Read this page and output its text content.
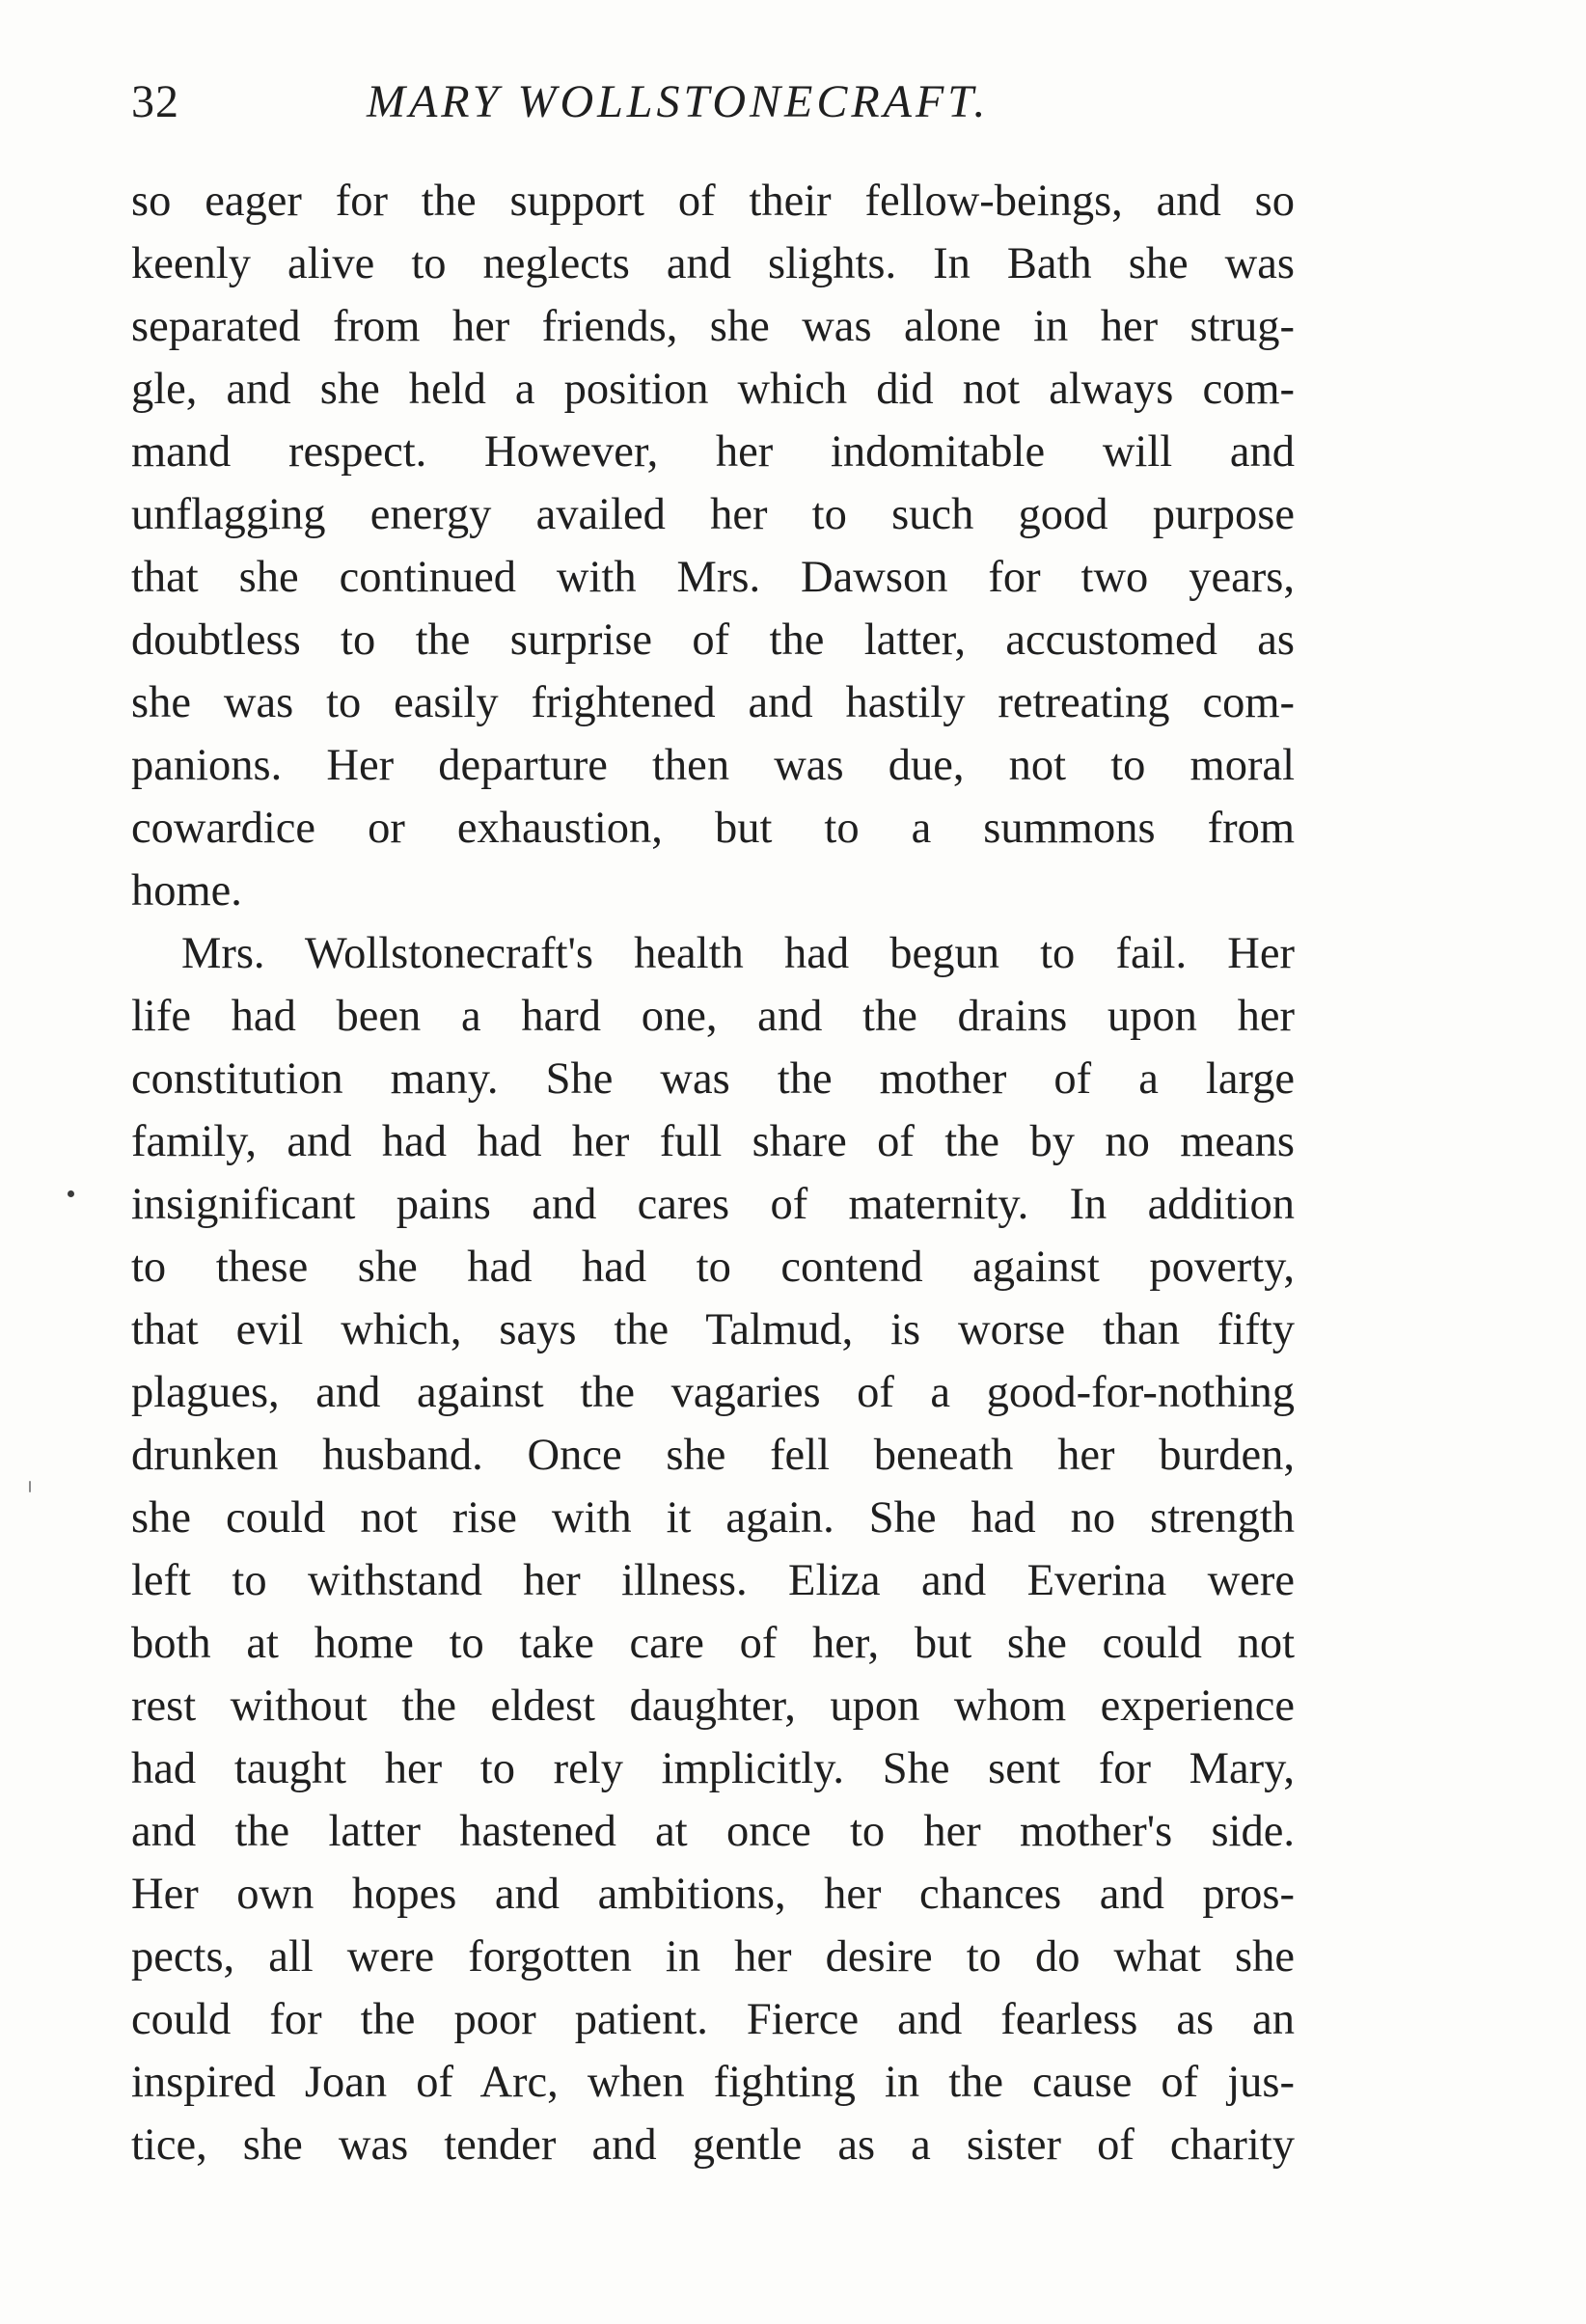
32	MARY WOLLSTONECRAFT.
so eager for the support of their fellow-beings, and so
keenly alive to neglects and slights. In Bath she was
separated from her friends, she was alone in her strug-
gle, and she held a position which did not always com-
mand respect. However, her indomitable will and
unflagging energy availed her to such good purpose
that she continued with Mrs. Dawson for two years,
doubtless to the surprise of the latter, accustomed as
she was to easily frightened and hastily retreating com-
panions. Her departure then was due, not to moral
cowardice or exhaustion, but to a summons from
home.
Mrs. Wollstonecraft's health had begun to fail. Her
life had been a hard one, and the drains upon her
constitution many. She was the mother of a large
family, and had had her full share of the by no means
insignificant pains and cares of maternity. In addition
to these she had had to contend against poverty,
that evil which, says the Talmud, is worse than fifty
plagues, and against the vagaries of a good-for-nothing
drunken husband. Once she fell beneath her burden,
she could not rise with it again. She had no strength
left to withstand her illness. Eliza and Everina were
both at home to take care of her, but she could not
rest without the eldest daughter, upon whom experience
had taught her to rely implicitly. She sent for Mary,
and the latter hastened at once to her mother's side.
Her own hopes and ambitions, her chances and pros-
pects, all were forgotten in her desire to do what she
could for the poor patient. Fierce and fearless as an
inspired Joan of Arc, when fighting in the cause of jus-
tice, she was tender and gentle as a sister of charity
